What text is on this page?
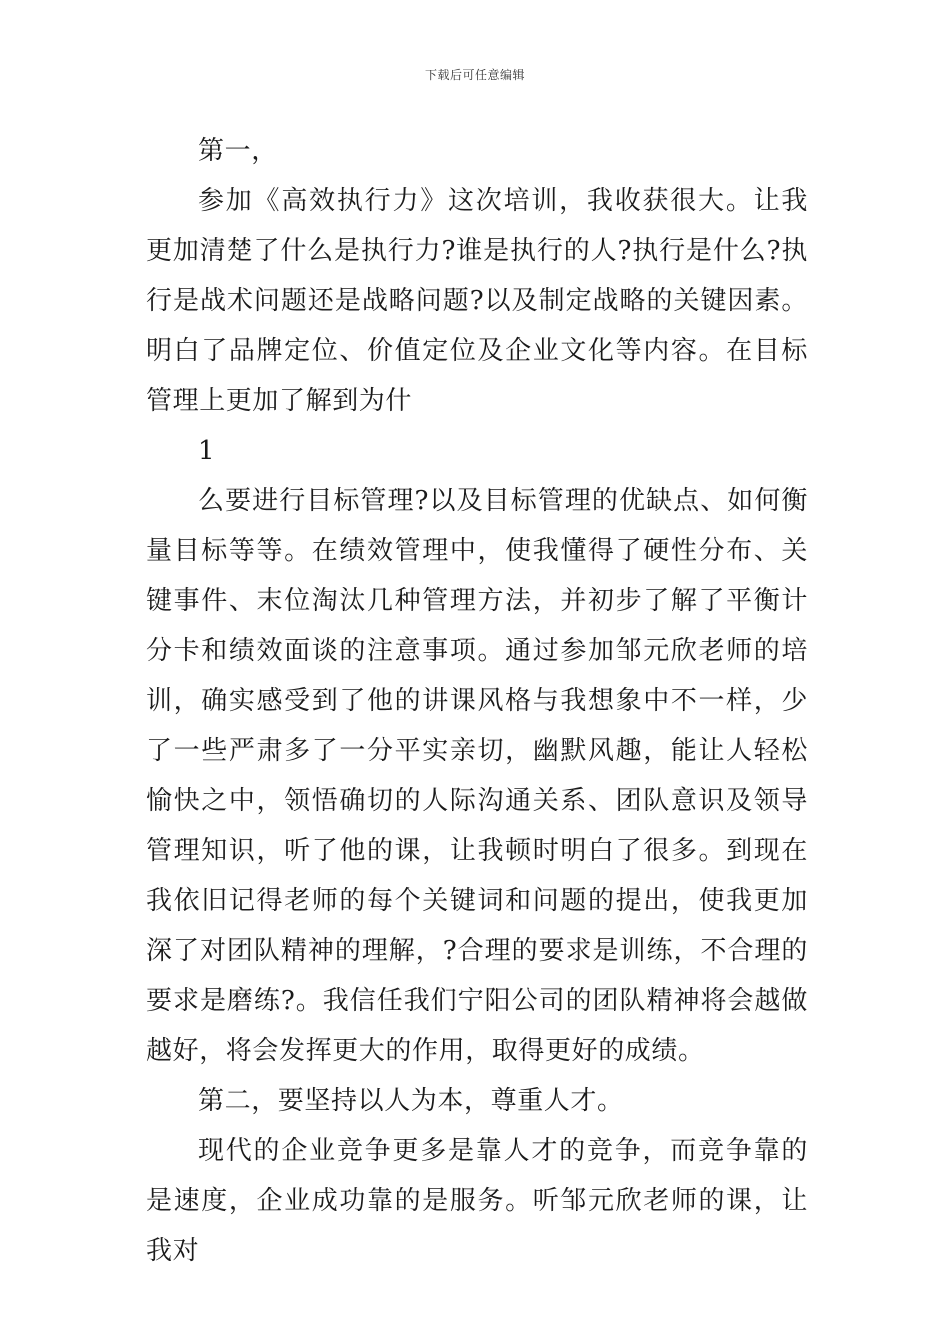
下载后可任意编辑

第一，

参加《高效执行力》这次培训，我收获很大。让我更加清楚了什么是执行力?谁是执行的人?执行是什么?执行是战术问题还是战略问题?以及制定战略的关键因素。明白了品牌定位、价值定位及企业文化等内容。在目标管理上更加了解到为什

1

么要进行目标管理?以及目标管理的优缺点、如何衡量目标等等。在绩效管理中，使我懂得了硬性分布、关键事件、末位淘汰几种管理方法，并初步了解了平衡计分卡和绩效面谈的注意事项。通过参加邹元欣老师的培训，确实感受到了他的讲课风格与我想象中不一样，少了一些严肃多了一分平实亲切，幽默风趣，能让人轻松愉快之中，领悟确切的人际沟通关系、团队意识及领导管理知识，听了他的课，让我顿时明白了很多。到现在我依旧记得老师的每个关键词和问题的提出，使我更加深了对团队精神的理解，?合理的要求是训练，不合理的要求是磨练?。我信任我们宁阳公司的团队精神将会越做越好，将会发挥更大的作用，取得更好的成绩。

第二，要坚持以人为本，尊重人才。

现代的企业竞争更多是靠人才的竞争，而竞争靠的是速度，企业成功靠的是服务。听邹元欣老师的课，让我对
